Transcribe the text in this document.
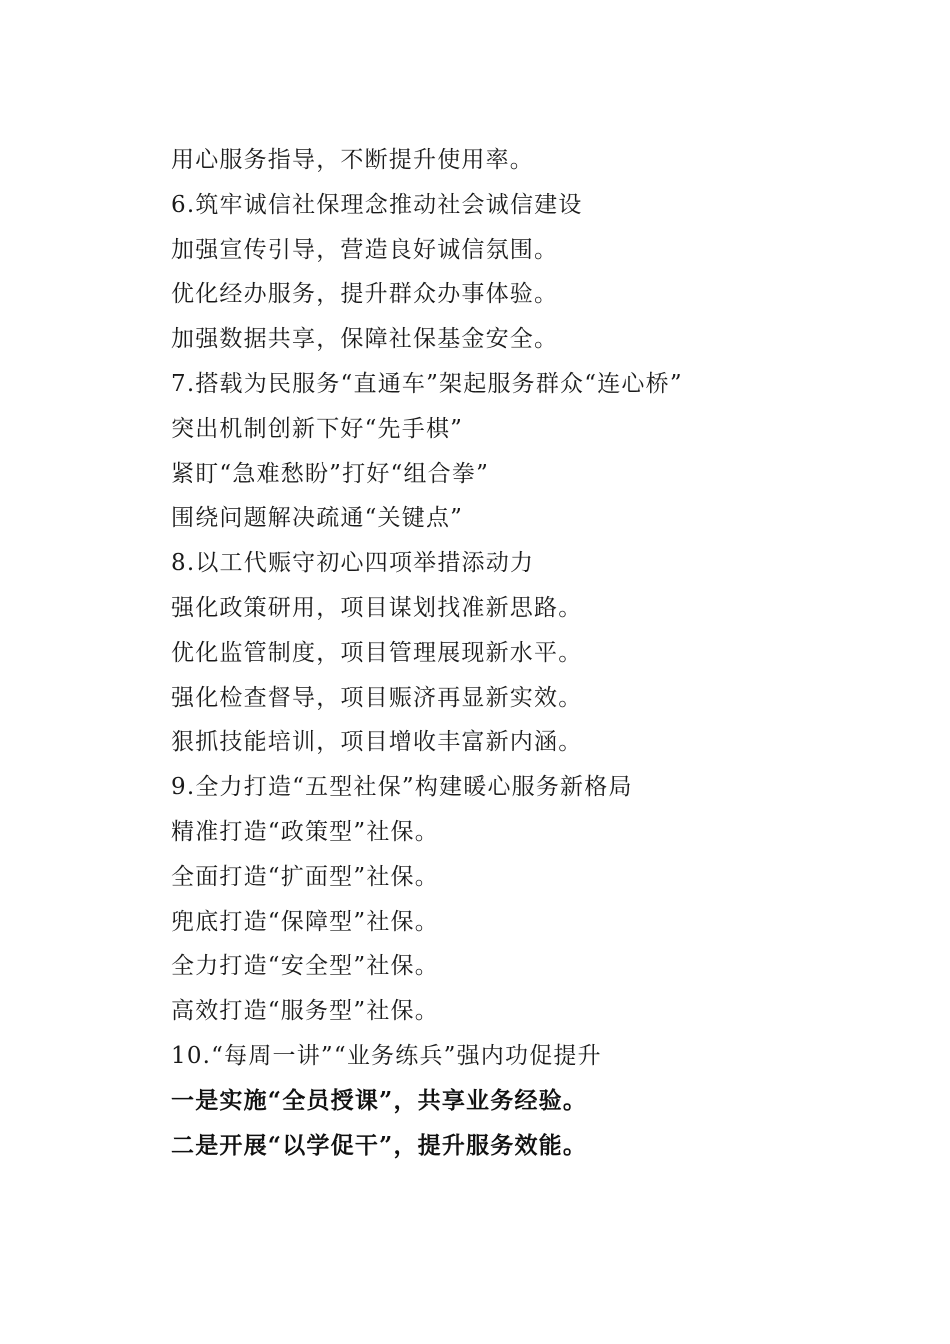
用心服务指导，不断提升使用率。
6.筑牢诚信社保理念推动社会诚信建设
加强宣传引导，营造良好诚信氛围。
优化经办服务，提升群众办事体验。
加强数据共享，保障社保基金安全。
7.搭载为民服务“直通车”架起服务群众“连心桥”
突出机制创新下好“先手棋”
紧盯“急难愁盼”打好“组合拳”
围绕问题解决疏通“关键点”
8.以工代赈守初心四项举措添动力
强化政策研用，项目谋划找准新思路。
优化监管制度，项目管理展现新水平。
强化检查督导，项目赈济再显新实效。
狠抓技能培训，项目增收丰富新内涵。
9.全力打造“五型社保”构建暖心服务新格局
精准打造“政策型”社保。
全面打造“扩面型”社保。
兜底打造“保障型”社保。
全力打造“安全型”社保。
高效打造“服务型”社保。
10.“每周一讲”“业务练兵”强内功促提升
一是实施“全员授课”，共享业务经验。
二是开展“以学促干”，提升服务效能。
